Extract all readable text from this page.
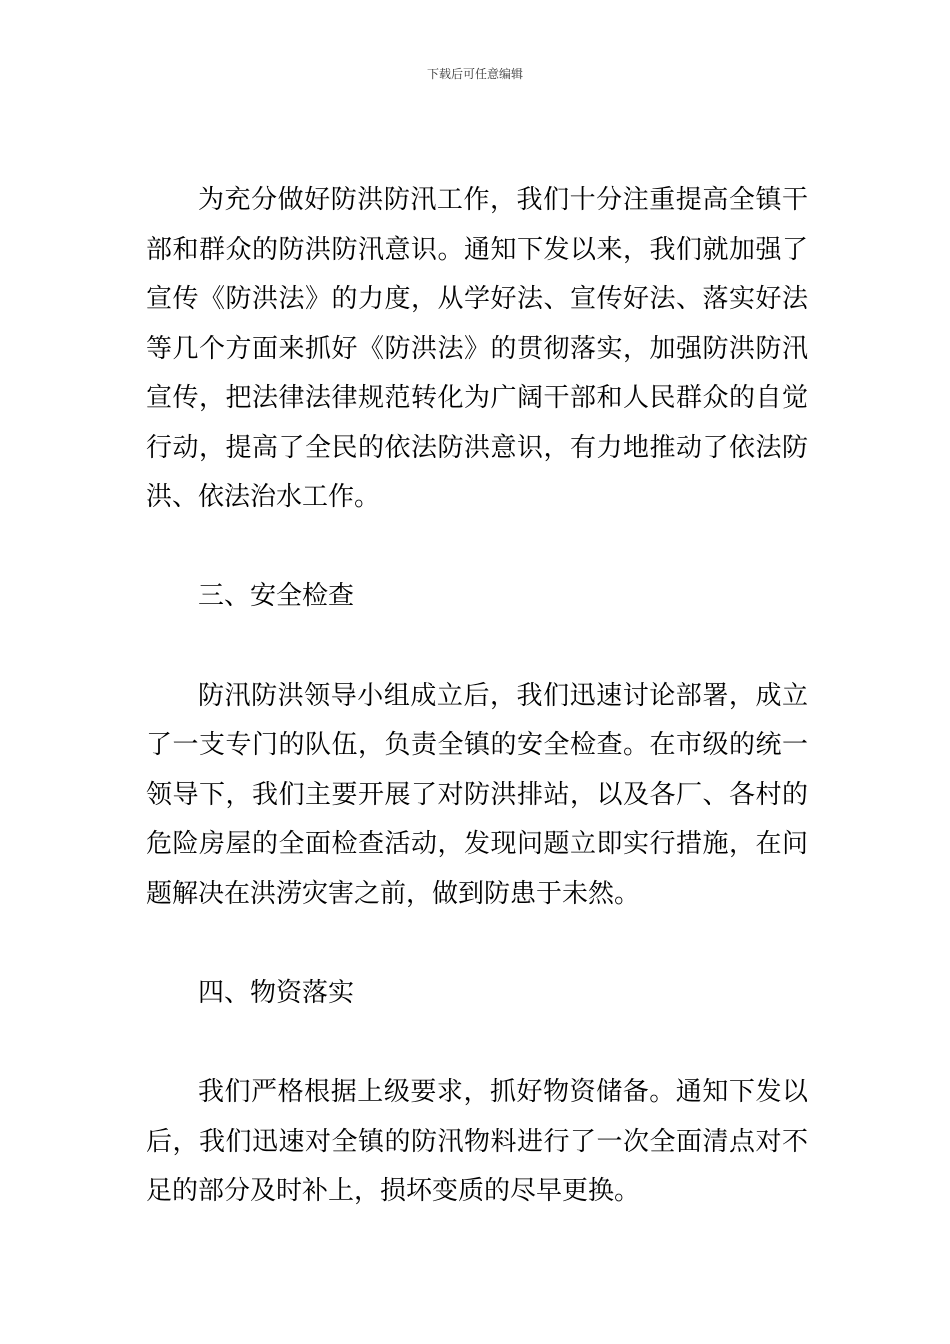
下载后可任意编辑

为充分做好防洪防汛工作，我们十分注重提高全镇干部和群众的防洪防汛意识。通知下发以来，我们就加强了宣传《防洪法》的力度，从学好法、宣传好法、落实好法等几个方面来抓好《防洪法》的贯彻落实，加强防洪防汛宣传，把法律法律规范转化为广阔干部和人民群众的自觉行动，提高了全民的依法防洪意识，有力地推动了依法防洪、依法治水工作。

三、安全检查

防汛防洪领导小组成立后，我们迅速讨论部署，成立了一支专门的队伍，负责全镇的安全检查。在市级的统一领导下，我们主要开展了对防洪排站，以及各厂、各村的危险房屋的全面检查活动，发现问题立即实行措施，在问题解决在洪涝灾害之前，做到防患于未然。

四、物资落实

我们严格根据上级要求，抓好物资储备。通知下发以后，我们迅速对全镇的防汛物料进行了一次全面清点对不足的部分及时补上，损坏变质的尽早更换。
